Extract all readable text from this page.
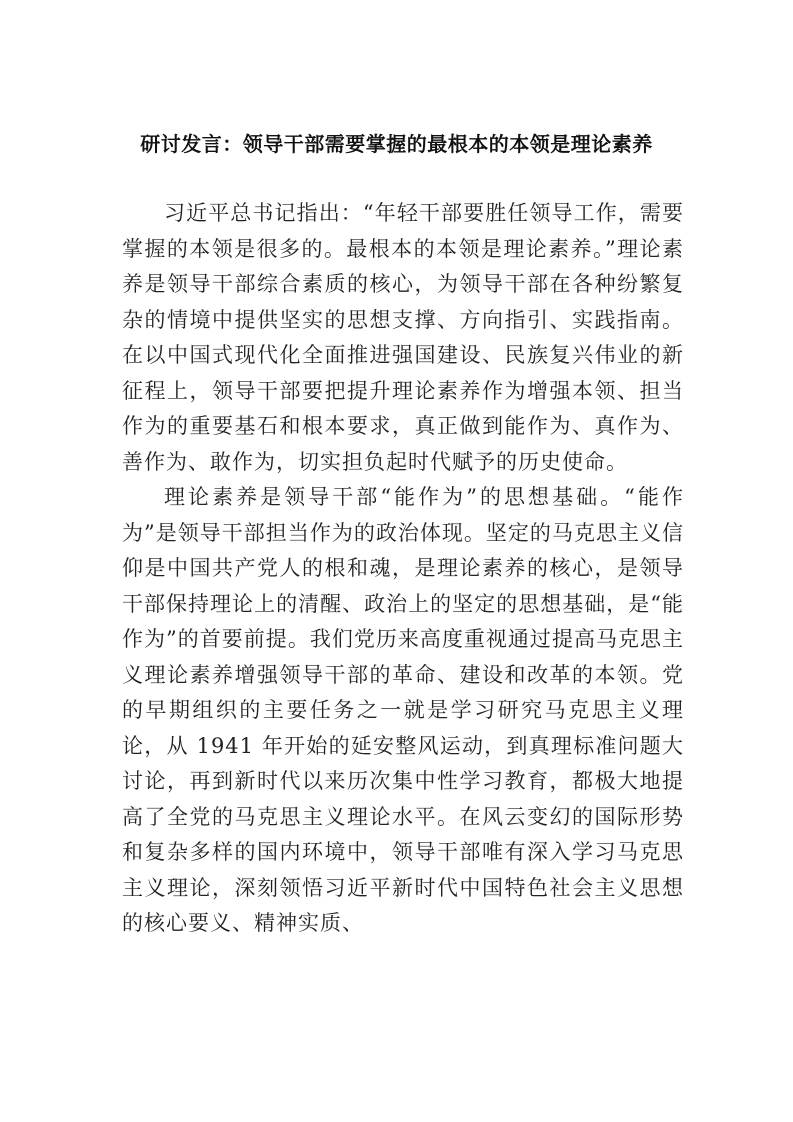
研讨发言：领导干部需要掌握的最根本的本领是理论素养

习近平总书记指出：“年轻干部要胜任领导工作，需要掌握的本领是很多的。最根本的本领是理论素养。”理论素养是领导干部综合素质的核心，为领导干部在各种纷繁复杂的情境中提供坚实的思想支撑、方向指引、实践指南。在以中国式现代化全面推进强国建设、民族复兴伟业的新征程上，领导干部要把提升理论素养作为增强本领、担当作为的重要基石和根本要求，真正做到能作为、真作为、善作为、敢作为，切实担负起时代赋予的历史使命。

理论素养是领导干部“能作为”的思想基础。“能作为”是领导干部担当作为的政治体现。坚定的马克思主义信仰是中国共产党人的根和魂，是理论素养的核心，是领导干部保持理论上的清醒、政治上的坚定的思想基础，是“能作为”的首要前提。我们党历来高度重视通过提高马克思主义理论素养增强领导干部的革命、建设和改革的本领。党的早期组织的主要任务之一就是学习研究马克思主义理论，从 1941 年开始的延安整风运动，到真理标准问题大讨论，再到新时代以来历次集中性学习教育，都极大地提高了全党的马克思主义理论水平。在风云变幻的国际形势和复杂多样的国内环境中，领导干部唯有深入学习马克思主义理论，深刻领悟习近平新时代中国特色社会主义思想的核心要义、精神实质、
